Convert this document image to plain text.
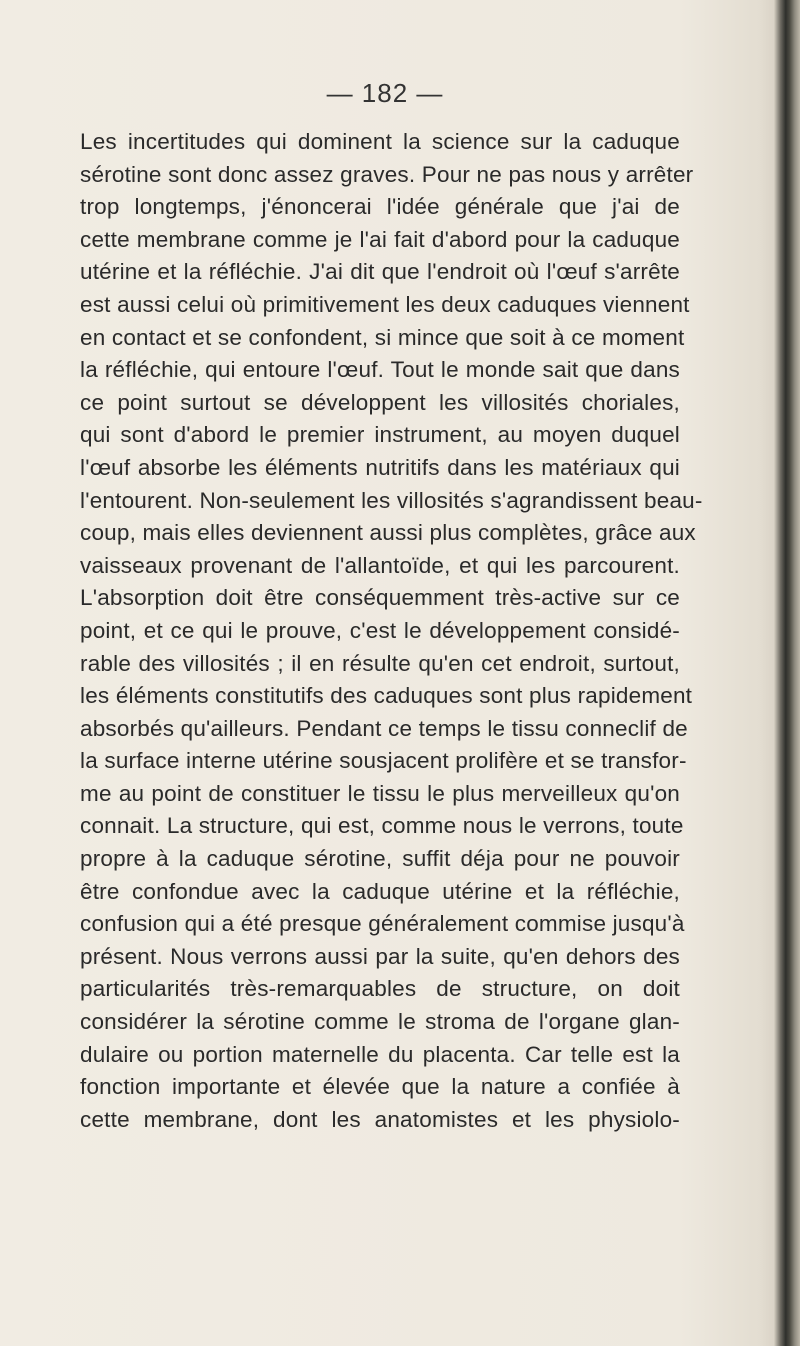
— 182 —
Les incertitudes qui dominent la science sur la caduque
sérotine sont donc assez graves. Pour ne pas nous y arrêter
trop longtemps, j'énoncerai l'idée générale que j'ai de
cette membrane comme je l'ai fait d'abord pour la caduque
utérine et la réfléchie. J'ai dit que l'endroit où l'œuf s'arrête
est aussi celui où primitivement les deux caduques viennent
en contact et se confondent, si mince que soit à ce moment
la réfléchie, qui entoure l'œuf. Tout le monde sait que dans
ce point surtout se développent les villosités choriales,
qui sont d'abord le premier instrument, au moyen duquel
l'œuf absorbe les éléments nutritifs dans les matériaux qui
l'entourent. Non-seulement les villosités s'agrandissent beau-
coup, mais elles deviennent aussi plus complètes, grâce aux
vaisseaux provenant de l'allantoïde, et qui les parcourent.
L'absorption doit être conséquemment très-active sur ce
point, et ce qui le prouve, c'est le développement considé-
rable des villosités ; il en résulte qu'en cet endroit, surtout,
les éléments constitutifs des caduques sont plus rapidement
absorbés qu'ailleurs. Pendant ce temps le tissu conneclif de
la surface interne utérine sousjacent prolifère et se transfor-
me au point de constituer le tissu le plus merveilleux qu'on
connait. La structure, qui est, comme nous le verrons, toute
propre à la caduque sérotine, suffit déja pour ne pouvoir
être confondue avec la caduque utérine et la réfléchie,
confusion qui a été presque généralement commise jusqu'à
présent. Nous verrons aussi par la suite, qu'en dehors des
particularités très-remarquables de structure, on doit
considérer la sérotine comme le stroma de l'organe glan-
dulaire ou portion maternelle du placenta. Car telle est la
fonction importante et élevée que la nature a confiée à
cette membrane, dont les anatomistes et les physiolo-
